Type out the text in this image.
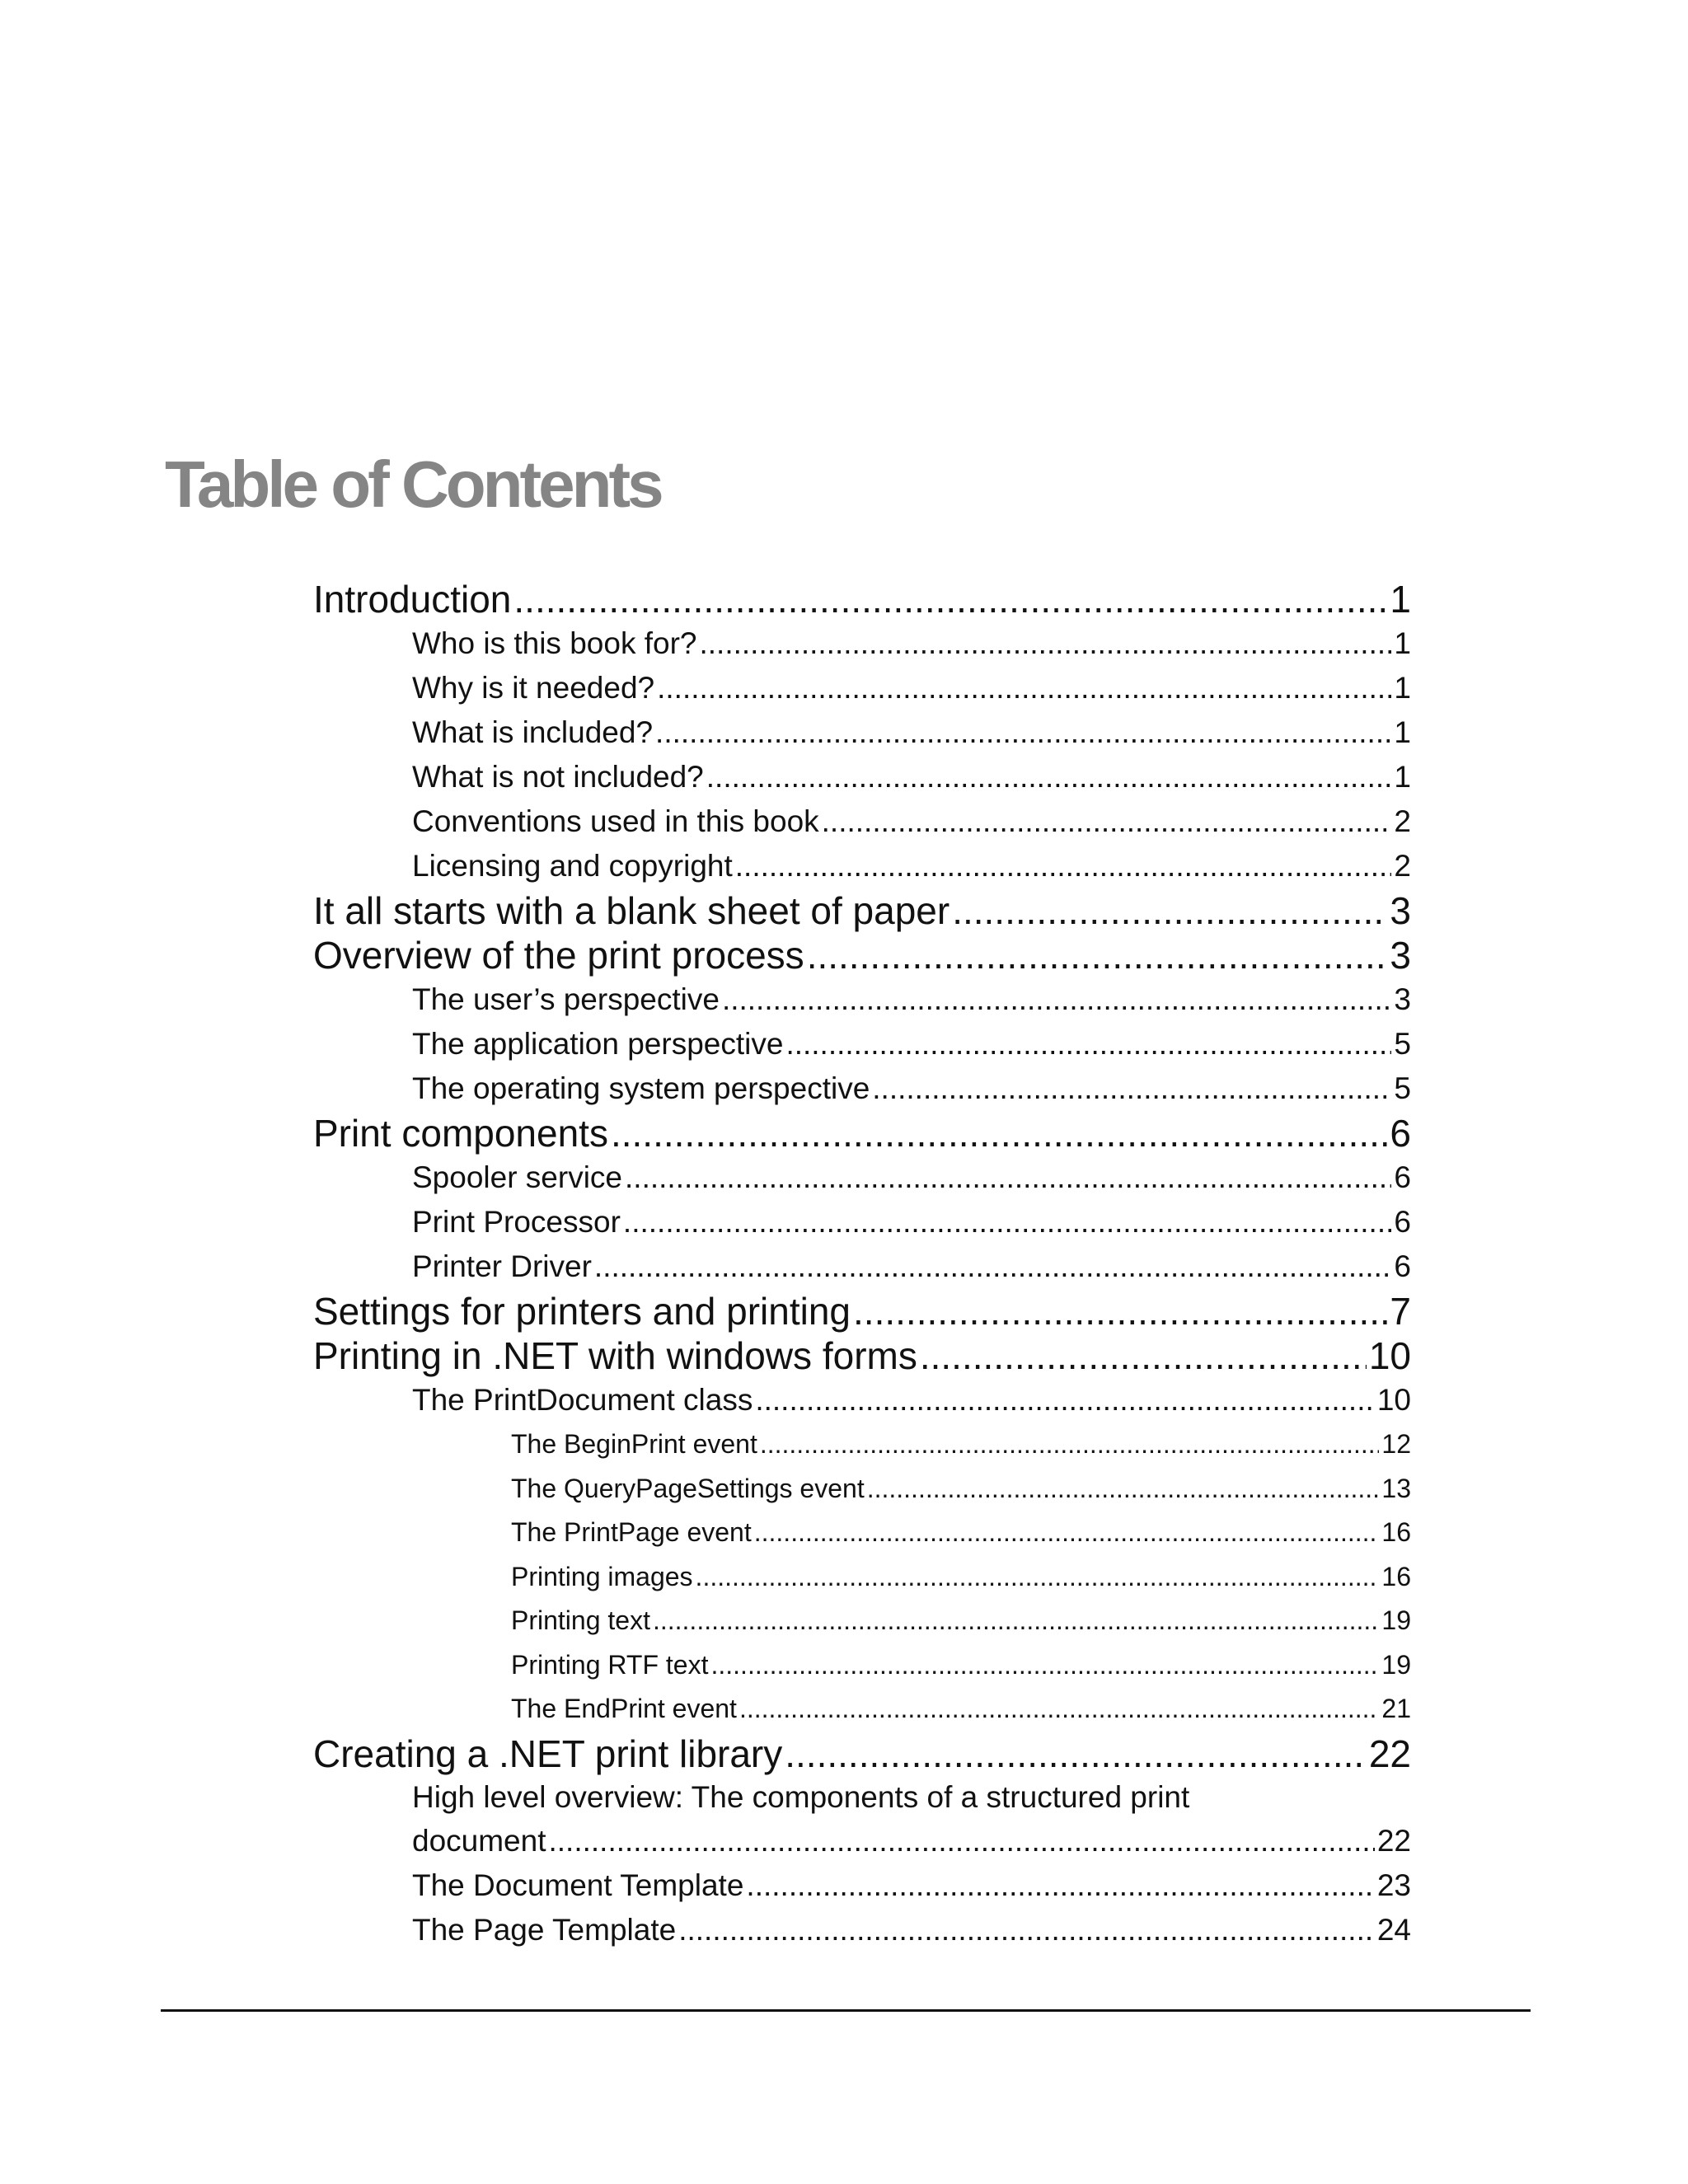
Table of Contents
Introduction .....	1
Who is this book for? .....	1
Why is it needed? .....	1
What is included? .....	1
What is not included? .....	1
Conventions used in this book .....	2
Licensing and copyright .....	2
It all starts with a blank sheet of paper .....	3
Overview of the print process .....	3
The user’s perspective .....	3
The application perspective .....	5
The operating system perspective .....	5
Print components .....	6
Spooler service .....	6
Print Processor .....	6
Printer Driver .....	6
Settings for printers and printing .....	7
Printing in .NET with windows forms .....	10
The PrintDocument class .....	10
The BeginPrint event .....	12
The QueryPageSettings event .....	13
The PrintPage event .....	16
Printing images .....	16
Printing text .....	19
Printing RTF text .....	19
The EndPrint event .....	21
Creating a .NET print library .....	22
High level overview: The components of a structured print
document .....	22
The Document Template .....	23
The Page Template .....	24
